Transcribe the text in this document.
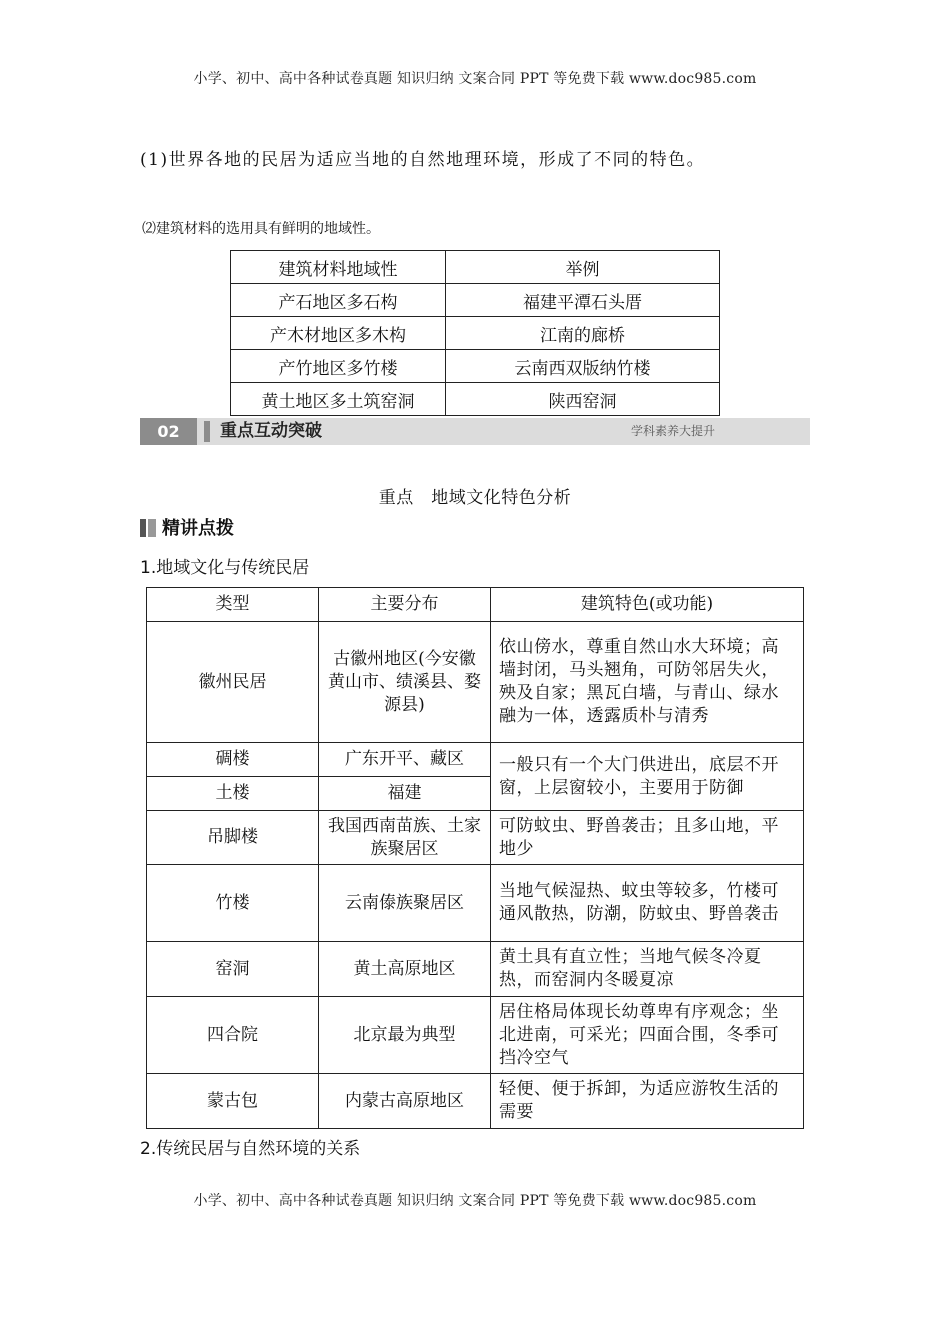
小学、初中、高中各种试卷真题 知识归纳 文案合同 PPT 等免费下载 www.doc985.com
(1)世界各地的民居为适应当地的自然地理环境，形成了不同的特色。
⑵建筑材料的选用具有鲜明的地域性。
建筑材料地域性	举例
产石地区多石构	福建平潭石头厝
产木材地区多木构	江南的廊桥
产竹地区多竹楼	云南西双版纳竹楼
黄土地区多土筑窑洞	陕西窑洞
02	重点互动突破	学科素养大提升
重点　地域文化特色分析
精讲点拨
1.地域文化与传统民居
类型	主要分布	建筑特色(或功能)
徽州民居	古徽州地区(今安徽黄山市、绩溪县、婺源县)	依山傍水，尊重自然山水大环境；高墙封闭，马头翘角，可防邻居失火，殃及自家；黑瓦白墙，与青山、绿水融为一体，透露质朴与清秀
碉楼	广东开平、藏区	一般只有一个大门供进出，底层不开窗，上层窗较小，主要用于防御
土楼	福建	
吊脚楼	我国西南苗族、土家族聚居区	可防蚊虫、野兽袭击；且多山地，平地少
竹楼	云南傣族聚居区	当地气候湿热、蚊虫等较多，竹楼可通风散热，防潮，防蚊虫、野兽袭击
窑洞	黄土高原地区	黄土具有直立性；当地气候冬冷夏热，而窑洞内冬暖夏凉
四合院	北京最为典型	居住格局体现长幼尊卑有序观念；坐北进南，可采光；四面合围，冬季可挡冷空气
蒙古包	内蒙古高原地区	轻便、便于拆卸，为适应游牧生活的需要
2.传统民居与自然环境的关系
小学、初中、高中各种试卷真题 知识归纳 文案合同 PPT 等免费下载 www.doc985.com
